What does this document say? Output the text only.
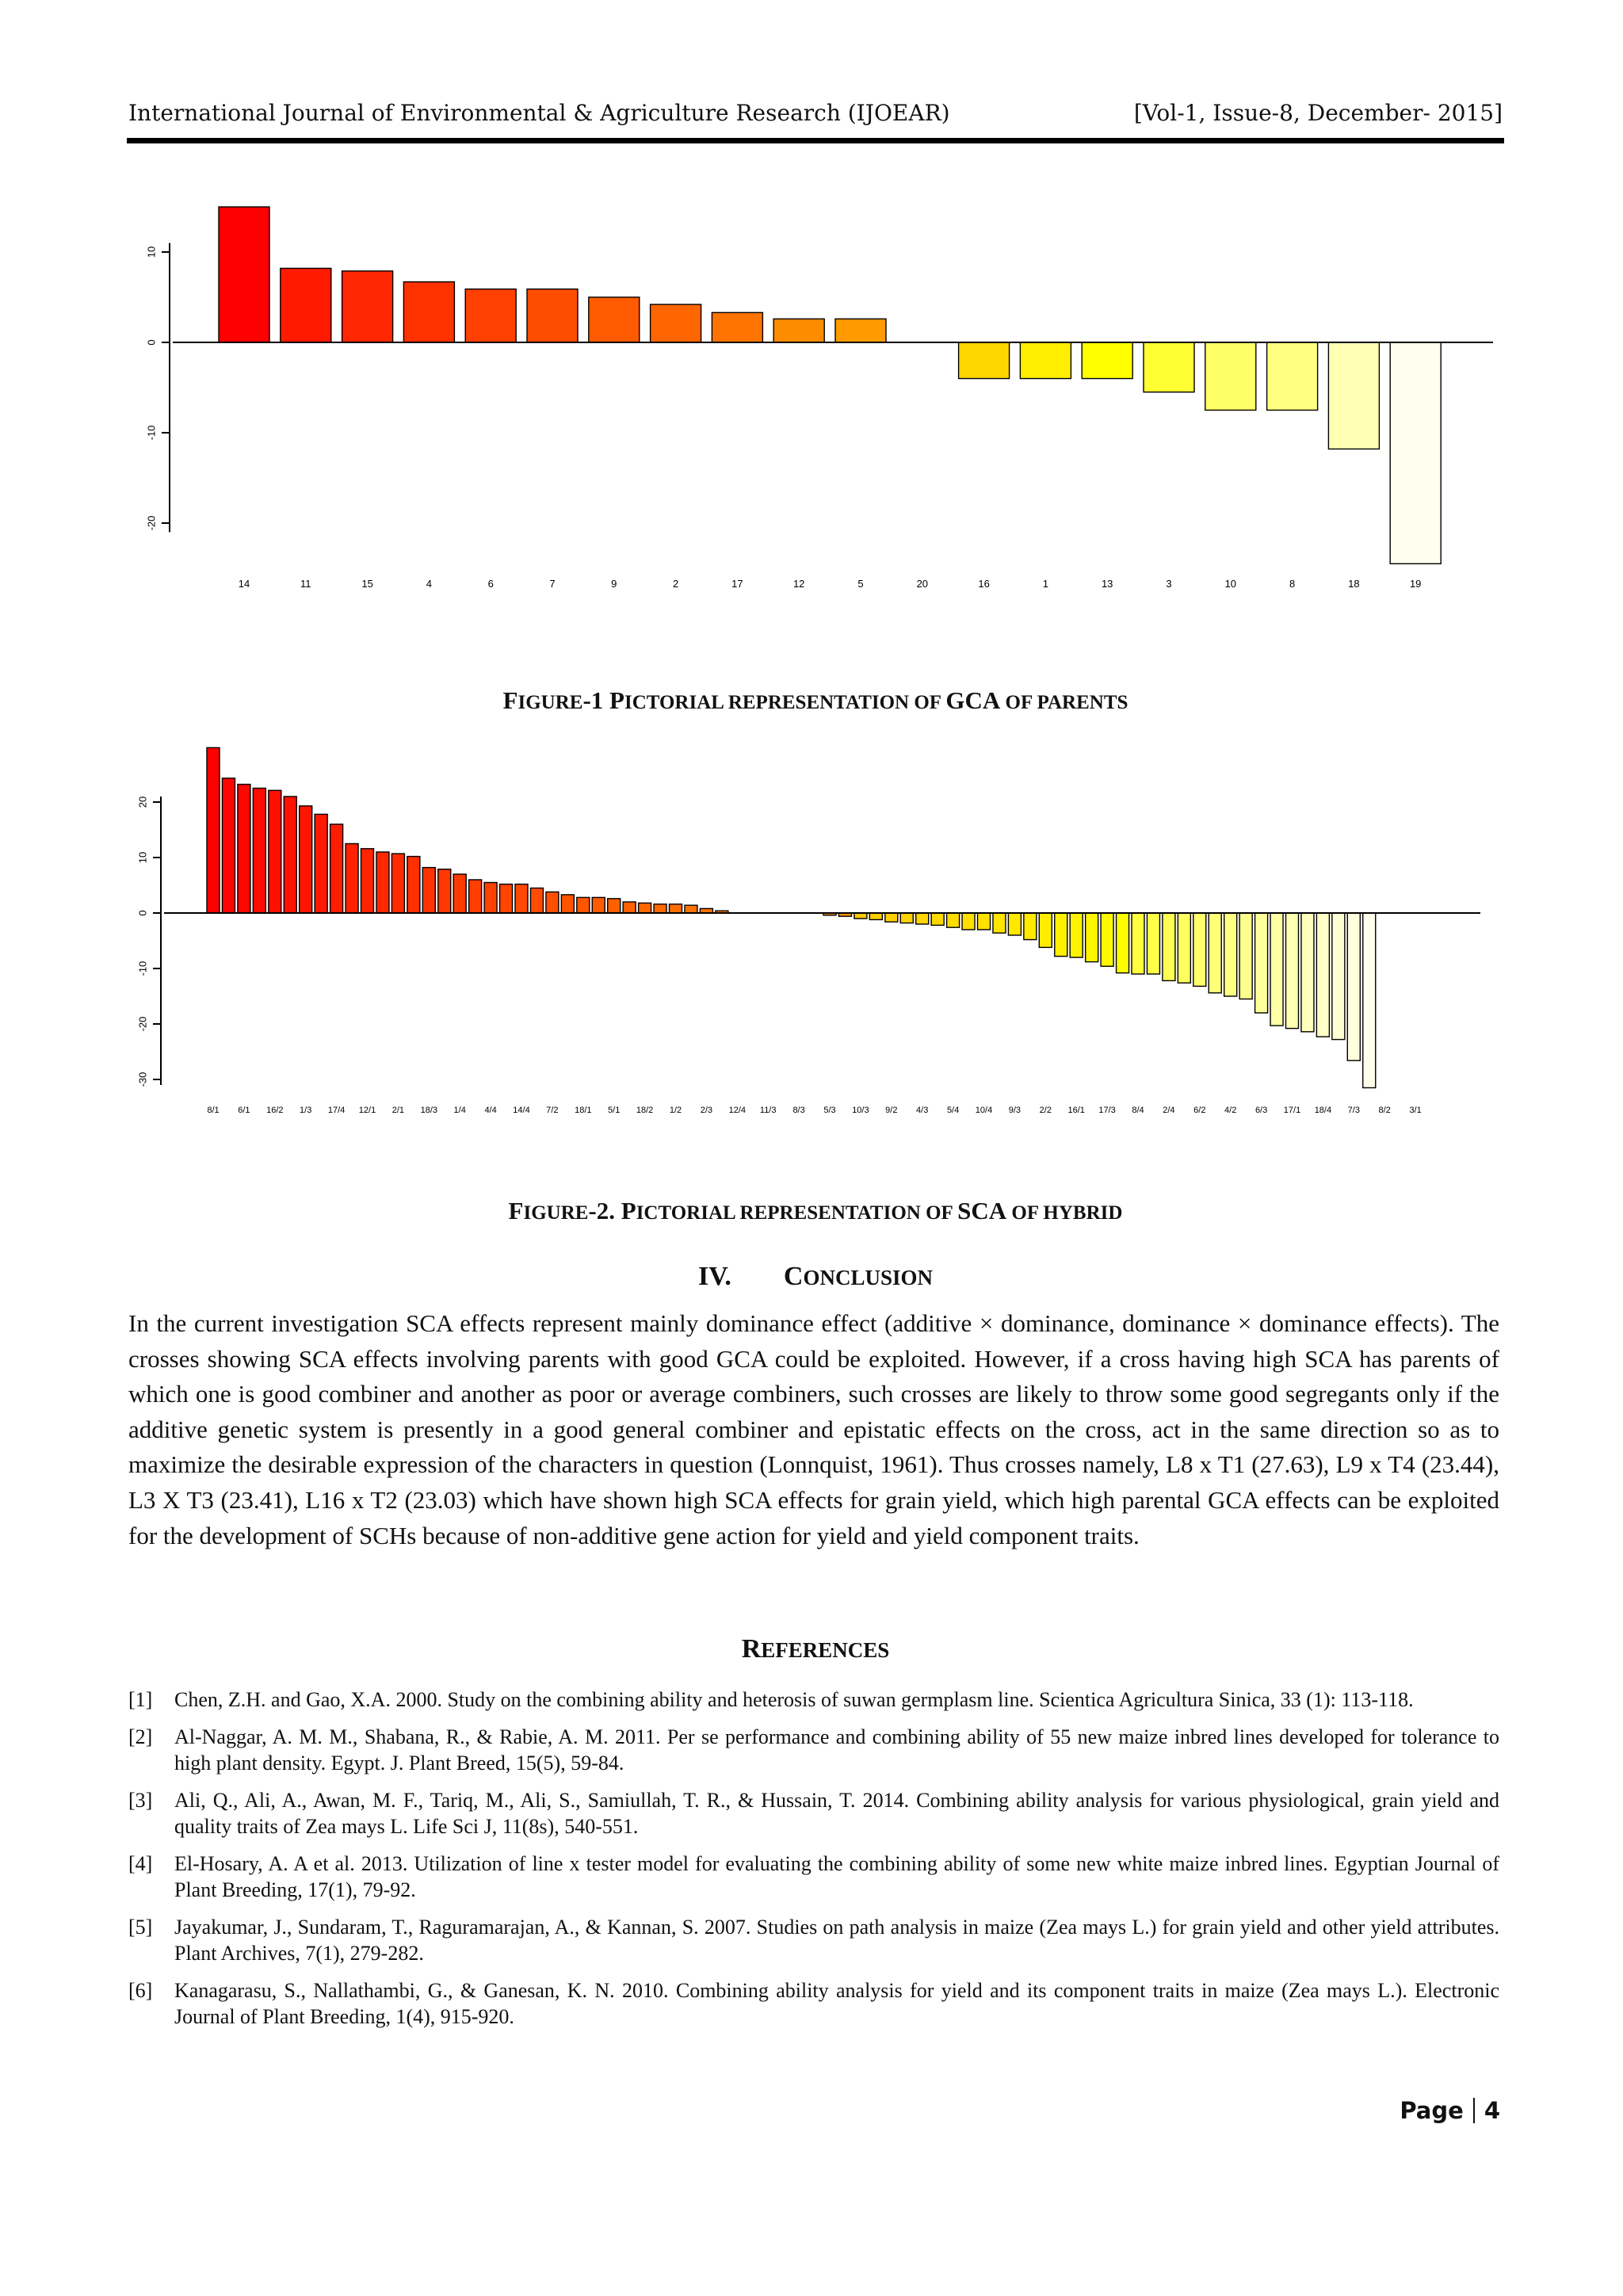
International Journal of Environmental & Agriculture Research (IJOEAR)	[Vol-1, Issue-8, December- 2015]
10
0
-10
-20
14	11	15	4	6	7	9	2	17	12	5	20	16	1	13	3	10	8	18	19
FIGURE-1 PICTORIAL REPRESENTATION OF GCA OF PARENTS
20
10
0
-10
-20
-30
8/1 6/1 16/2 1/3 17/4 12/1 2/1 18/3 1/4 4/4 14/4 7/2 18/1 5/1 18/2 1/2 2/3 12/4 11/3 8/3 5/3 10/3 9/2 4/3 5/4 10/4 9/3 2/2 16/1 17/3 8/4 2/4 6/2 4/2 6/3 17/1 18/4 7/3 8/2 3/1
FIGURE-2. PICTORIAL REPRESENTATION OF SCA OF HYBRID
IV. CONCLUSION

In the current investigation SCA effects represent mainly dominance effect (additive × dominance, dominance × dominance effects). The crosses showing SCA effects involving parents with good GCA could be exploited. However, if a cross having high SCA has parents of which one is good combiner and another as poor or average combiners, such crosses are likely to throw some good segregants only if the additive genetic system is presently in a good general combiner and epistatic effects on the cross, act in the same direction so as to maximize the desirable expression of the characters in question (Lonnquist, 1961). Thus crosses namely, L8 x T1 (27.63), L9 x T4 (23.44), L3 X T3 (23.41), L16 x T2 (23.03) which have shown high SCA effects for grain yield, which high parental GCA effects can be exploited for the development of SCHs because of non-additive gene action for yield and yield component traits.

REFERENCES
[1] Chen, Z.H. and Gao, X.A. 2000. Study on the combining ability and heterosis of suwan germplasm line. Scientica Agricultura Sinica, 33 (1): 113-118.
[2] Al-Naggar, A. M. M., Shabana, R., & Rabie, A. M. 2011. Per se performance and combining ability of 55 new maize inbred lines developed for tolerance to high plant density. Egypt. J. Plant Breed, 15(5), 59-84.
[3] Ali, Q., Ali, A., Awan, M. F., Tariq, M., Ali, S., Samiullah, T. R., & Hussain, T. 2014. Combining ability analysis for various physiological, grain yield and quality traits of Zea mays L. Life Sci J, 11(8s), 540-551.
[4] El-Hosary, A. A et al. 2013. Utilization of line x tester model for evaluating the combining ability of some new white maize inbred lines. Egyptian Journal of Plant Breeding, 17(1), 79-92.
[5] Jayakumar, J., Sundaram, T., Raguramarajan, A., & Kannan, S. 2007. Studies on path analysis in maize (Zea mays L.) for grain yield and other yield attributes. Plant Archives, 7(1), 279-282.
[6] Kanagarasu, S., Nallathambi, G., & Ganesan, K. N. 2010. Combining ability analysis for yield and its component traits in maize (Zea mays L.). Electronic Journal of Plant Breeding, 1(4), 915-920.
Page 4
